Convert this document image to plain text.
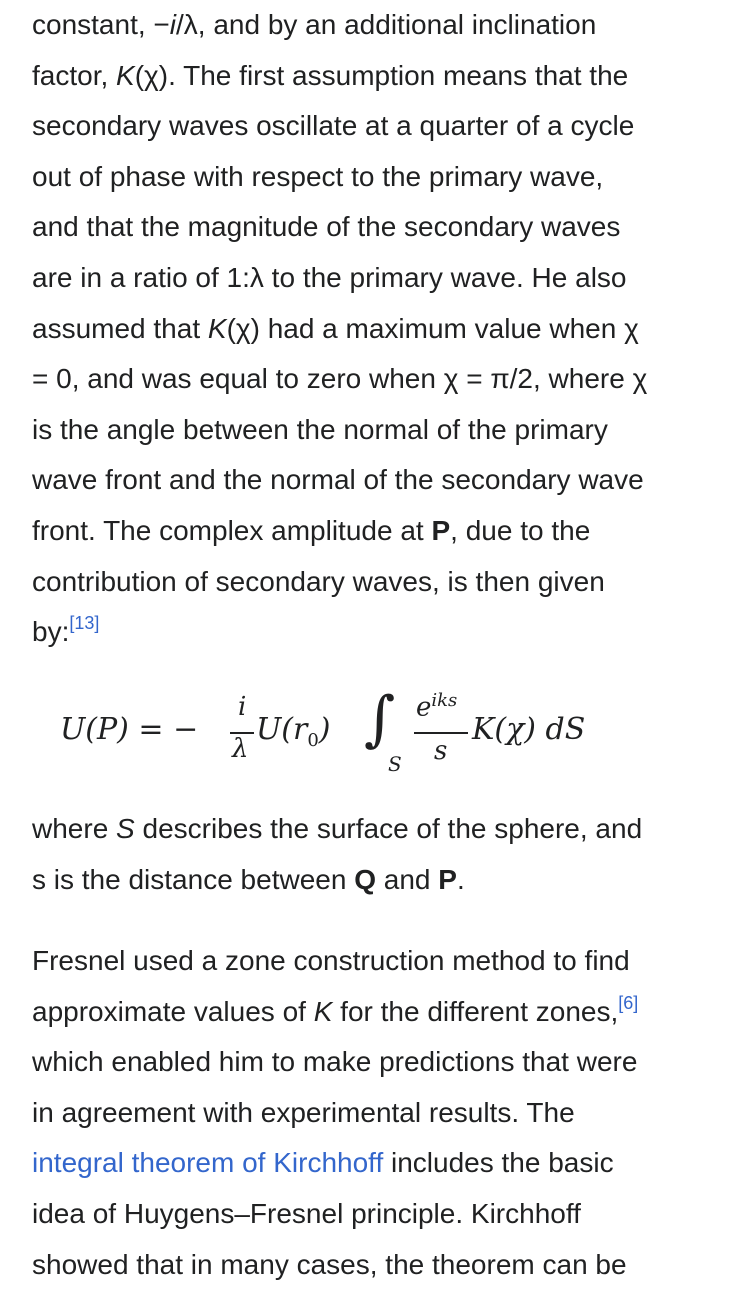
constant, −i/λ, and by an additional inclination
factor, K(χ). The first assumption means that the
secondary waves oscillate at a quarter of a cycle
out of phase with respect to the primary wave,
and that the magnitude of the secondary waves
are in a ratio of 1:λ to the primary wave. He also
assumed that K(χ) had a maximum value when χ
= 0, and was equal to zero when χ = π/2, where χ
is the angle between the normal of the primary
wave front and the normal of the secondary wave
front. The complex amplitude at P, due to the
contribution of secondary waves, is then given
by:[13]

U(P) = −
i
λ
$U(r_0)$ ∫
S
$e^{iks}$
s
K(χ) dS

where S describes the surface of the sphere, and
s is the distance between Q and P.

Fresnel used a zone construction method to find
approximate values of K for the different zones,[6]
which enabled him to make predictions that were
in agreement with experimental results. The
integral theorem of Kirchhoff includes the basic
idea of Huygens–Fresnel principle. Kirchhoff
showed that in many cases, the theorem can be
